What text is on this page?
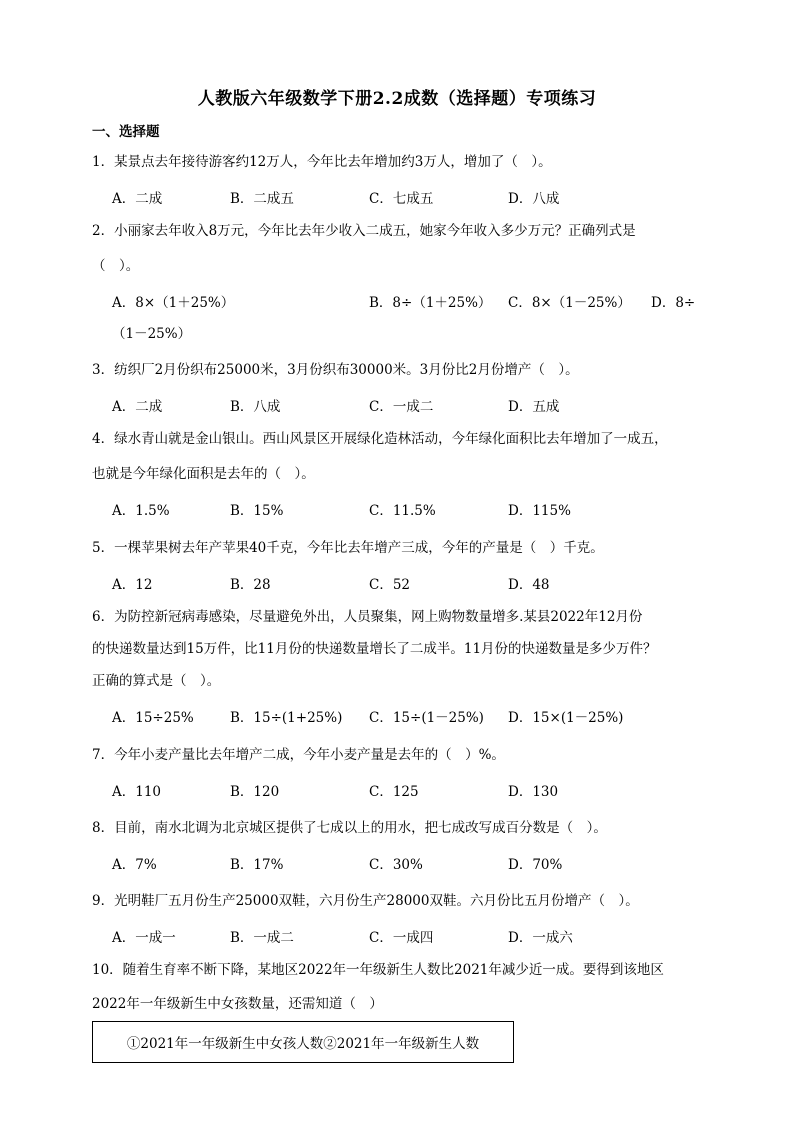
人教版六年级数学下册2.2成数（选择题）专项练习
一、选择题
1．某景点去年接待游客约12万人，今年比去年增加约3万人，增加了（　）。
A．二成	B．二成五	C．七成五	D．八成
2．小丽家去年收入8万元，今年比去年少收入二成五，她家今年收入多少万元？正确列式是
（　）。
A．8×（1＋25%）	B．8÷（1＋25%） C．8×（1－25%） D．8÷
（1－25%）
3．纺织厂2月份织布25000米，3月份织布30000米。3月份比2月份增产（　）。
A．二成	B．八成	C．一成二	D．五成
4．绿水青山就是金山银山。西山风景区开展绿化造林活动，今年绿化面积比去年增加了一成五，
也就是今年绿化面积是去年的（　）。
A．1.5%	B．15%	C．11.5%	D．115%
5．一棵苹果树去年产苹果40千克，今年比去年增产三成，今年的产量是（　）千克。
A．12	B．28	C．52	D．48
6．为防控新冠病毒感染，尽量避免外出，人员聚集，网上购物数量增多.某县2022年12月份
的快递数量达到15万件，比11月份的快递数量增长了二成半。11月份的快递数量是多少万件？
正确的算式是（　）。
A．15÷25%	B．15÷(1+25%) C．15÷(1－25%) D．15×(1－25%)
7．今年小麦产量比去年增产二成，今年小麦产量是去年的（　）%。
A．110	B．120	C．125	D．130
8．目前，南水北调为北京城区提供了七成以上的用水，把七成改写成百分数是（　）。
A．7%	B．17%	C．30%	D．70%
9．光明鞋厂五月份生产25000双鞋，六月份生产28000双鞋。六月份比五月份增产（　）。
A．一成一	B．一成二	C．一成四	D．一成六
10．随着生育率不断下降，某地区2022年一年级新生人数比2021年减少近一成。要得到该地区
2022年一年级新生中女孩数量，还需知道（　）
①2021年一年级新生中女孩人数②2021年一年级新生人数
